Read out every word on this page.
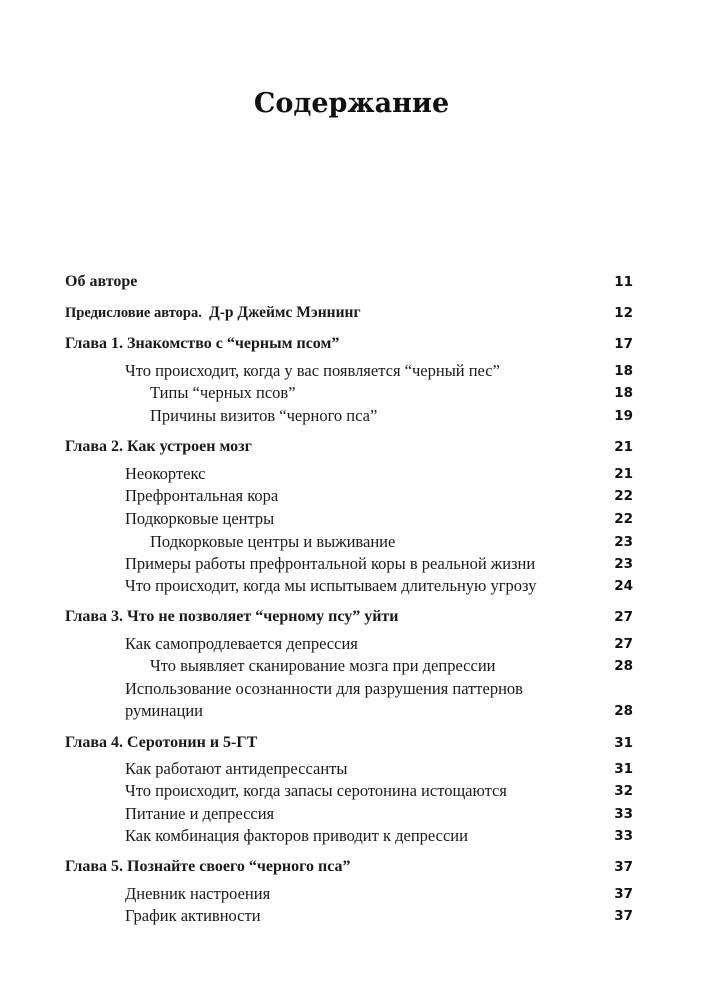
Содержание
Об авторе	11
Предисловие автора. Д-р Джеймс Мэннинг	12
Глава 1. Знакомство с “черным псом”	17
Что происходит, когда у вас появляется “черный пес”	18
Типы “черных псов”	18
Причины визитов “черного пса”	19
Глава 2. Как устроен мозг	21
Неокортекс	21
Префронтальная кора	22
Подкорковые центры	22
Подкорковые центры и выживание	23
Примеры работы префронтальной коры в реальной жизни	23
Что происходит, когда мы испытываем длительную угрозу	24
Глава 3. Что не позволяет “черному псу” уйти	27
Как самопродлевается депрессия	27
Что выявляет сканирование мозга при депрессии	28
Использование осознанности для разрушения паттернов руминации	28
Глава 4. Серотонин и 5-ГТ	31
Как работают антидепрессанты	31
Что происходит, когда запасы серотонина истощаются	32
Питание и депрессия	33
Как комбинация факторов приводит к депрессии	33
Глава 5. Познайте своего “черного пса”	37
Дневник настроения	37
График активности	37
